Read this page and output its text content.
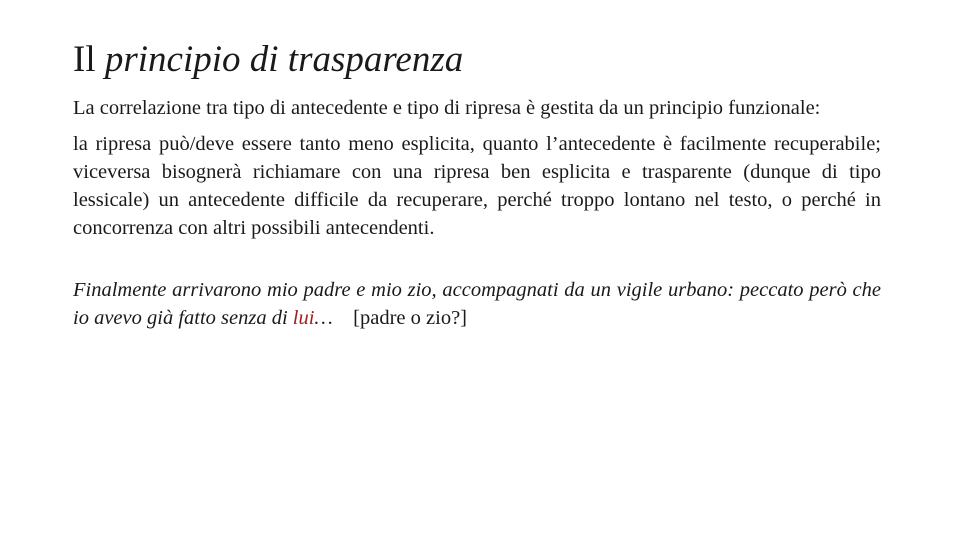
Il principio di trasparenza

La correlazione tra tipo di antecedente e tipo di ripresa è gestita da un principio funzionale:

la ripresa può/deve essere tanto meno esplicita, quanto l’antecedente è facilmente recuperabile; viceversa bisognerà richiamare con una ripresa ben esplicita e trasparente (dunque di tipo lessicale) un antecedente difficile da recuperare, perché troppo lontano nel testo, o perché in concorrenza con altri possibili antecendenti.

Finalmente arrivarono mio padre e mio zio, accompagnati da un vigile urbano: peccato però che io avevo già fatto senza di lui… [padre o zio?]
